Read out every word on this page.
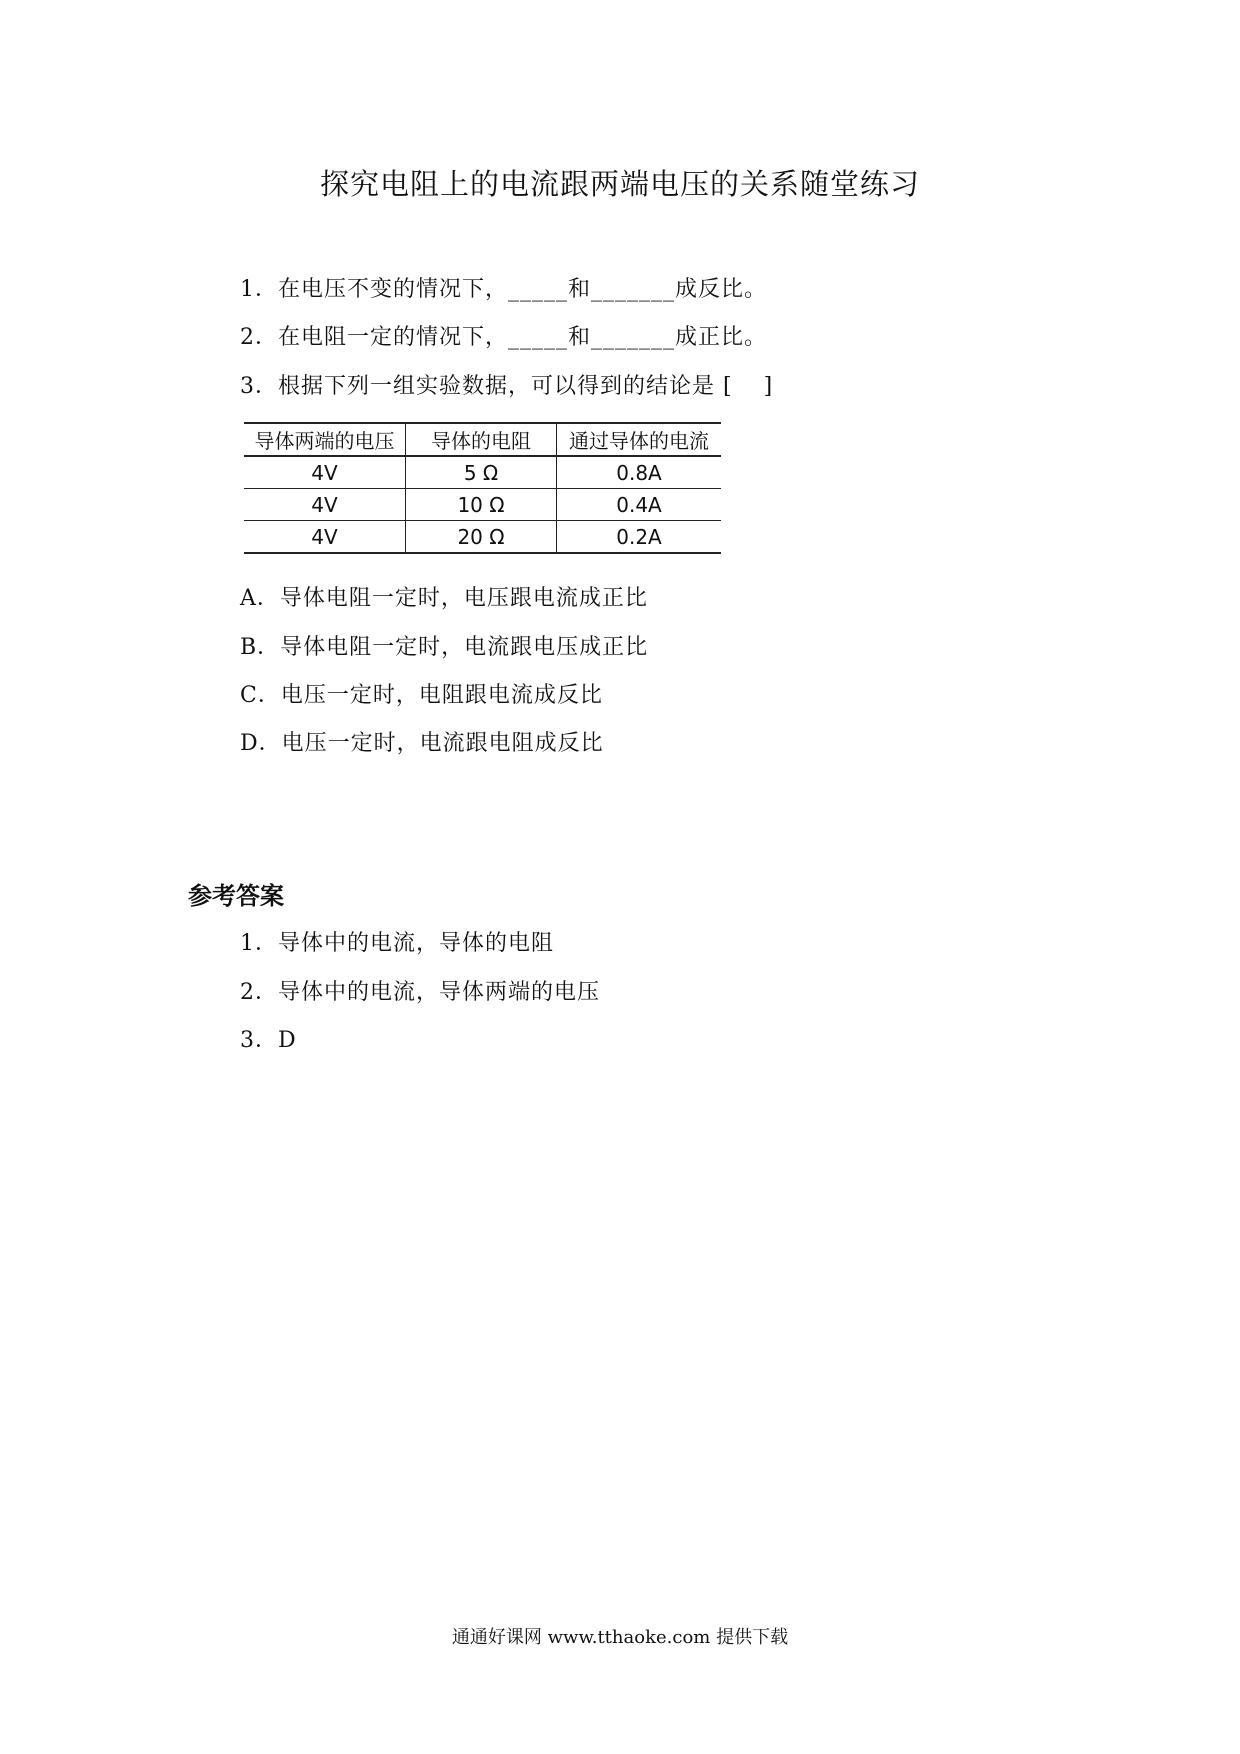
探究电阻上的电流跟两端电压的关系随堂练习
1．在电压不变的情况下，_____和_______成反比。
2．在电阻一定的情况下，_____和_______成正比。
3．根据下列一组实验数据，可以得到的结论是 [　 ]
导体两端的电压	导体的电阻	通过导体的电流
4V	5 Ω	0.8A
4V	10 Ω	0.4A
4V	20 Ω	0.2A
A．导体电阻一定时，电压跟电流成正比
B．导体电阻一定时，电流跟电压成正比
C．电压一定时，电阻跟电流成反比
D．电压一定时，电流跟电阻成反比
参考答案
1．导体中的电流，导体的电阻
2．导体中的电流，导体两端的电压
3．D
通通好课网 www.tthaoke.com 提供下载
